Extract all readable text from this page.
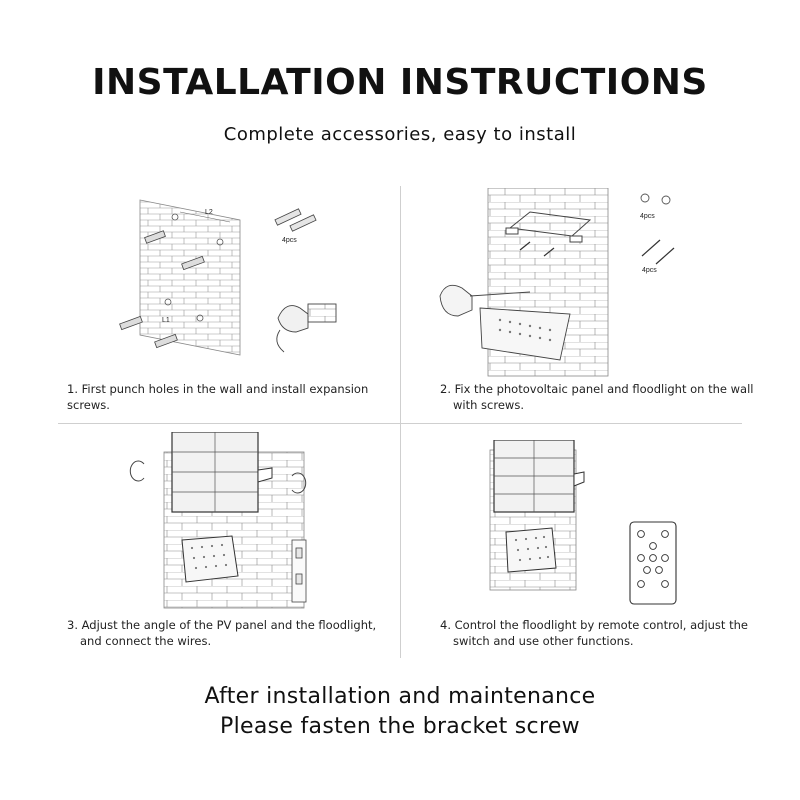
INSTALLATION INSTRUCTIONS
Complete accessories, easy to install
L2
L1
4pcs
1. First punch holes in the wall and install expansion screws.
4pcs
4pcs
2. Fix the photovoltaic panel and floodlight on the wall
with screws.
3. Adjust the angle of the PV panel and the floodlight,
and connect the wires.
4. Control the floodlight by remote control, adjust the
switch and use other functions.
After installation and maintenance
Please fasten the bracket screw
